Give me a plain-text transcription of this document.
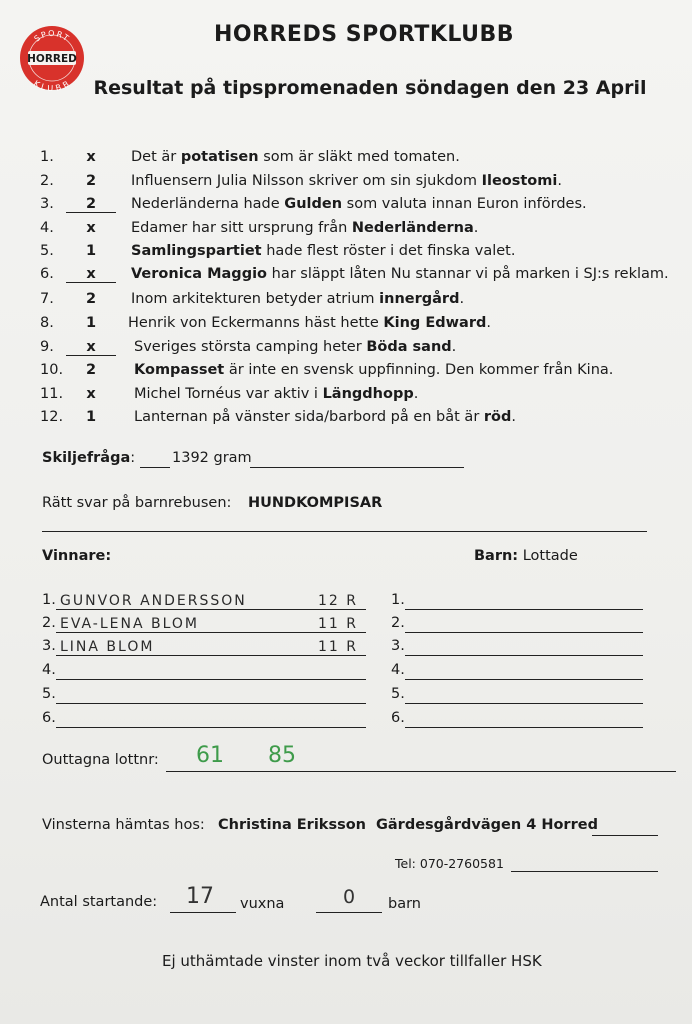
SPORT
KLUBB
HORRED
HORREDS SPORTKLUBB
Resultat på tipspromenaden söndagen den 23 April
1.	x	Det är potatisen som är släkt med tomaten.
2.	2	Influensern Julia Nilsson skriver om sin sjukdom Ileostomi.
3.	2	Nederländerna hade Gulden som valuta innan Euron infördes.
4.	x	Edamer har sitt ursprung från Nederländerna.
5.	1	Samlingspartiet hade flest röster i det finska valet.
6.	x	Veronica Maggio har släppt låten Nu stannar vi på marken i SJ:s reklam.
7.	2	Inom arkitekturen betyder atrium innergård.
8.	1	Henrik von Eckermanns häst hette King Edward.
9.	x	Sveriges största camping heter Böda sand.
10.	2	Kompasset är inte en svensk uppfinning. Den kommer från Kina.
11.	x	Michel Tornéus var aktiv i Längdhopp.
12.	1	Lanternan på vänster sida/barbord på en båt är röd.
Skiljefråga:	1392 gram
Rätt svar på barnrebusen: HUNDKOMPISAR
Vinnare:	Barn: Lottade
1. GUNVOR ANDERSSON	12 R
2. EVA-LENA BLOM	11 R
3. LINA BLOM	11 R
4.
5.
6.
1.
2.
3.
4.
5.
6.
Outtagna lottnr: 61 85
Vinsterna hämtas hos: Christina Eriksson Gärdesgårdvägen 4 Horred
Tel: 070-2760581
Antal startande: 17 vuxna	0 barn
Ej uthämtade vinster inom två veckor tillfaller HSK
